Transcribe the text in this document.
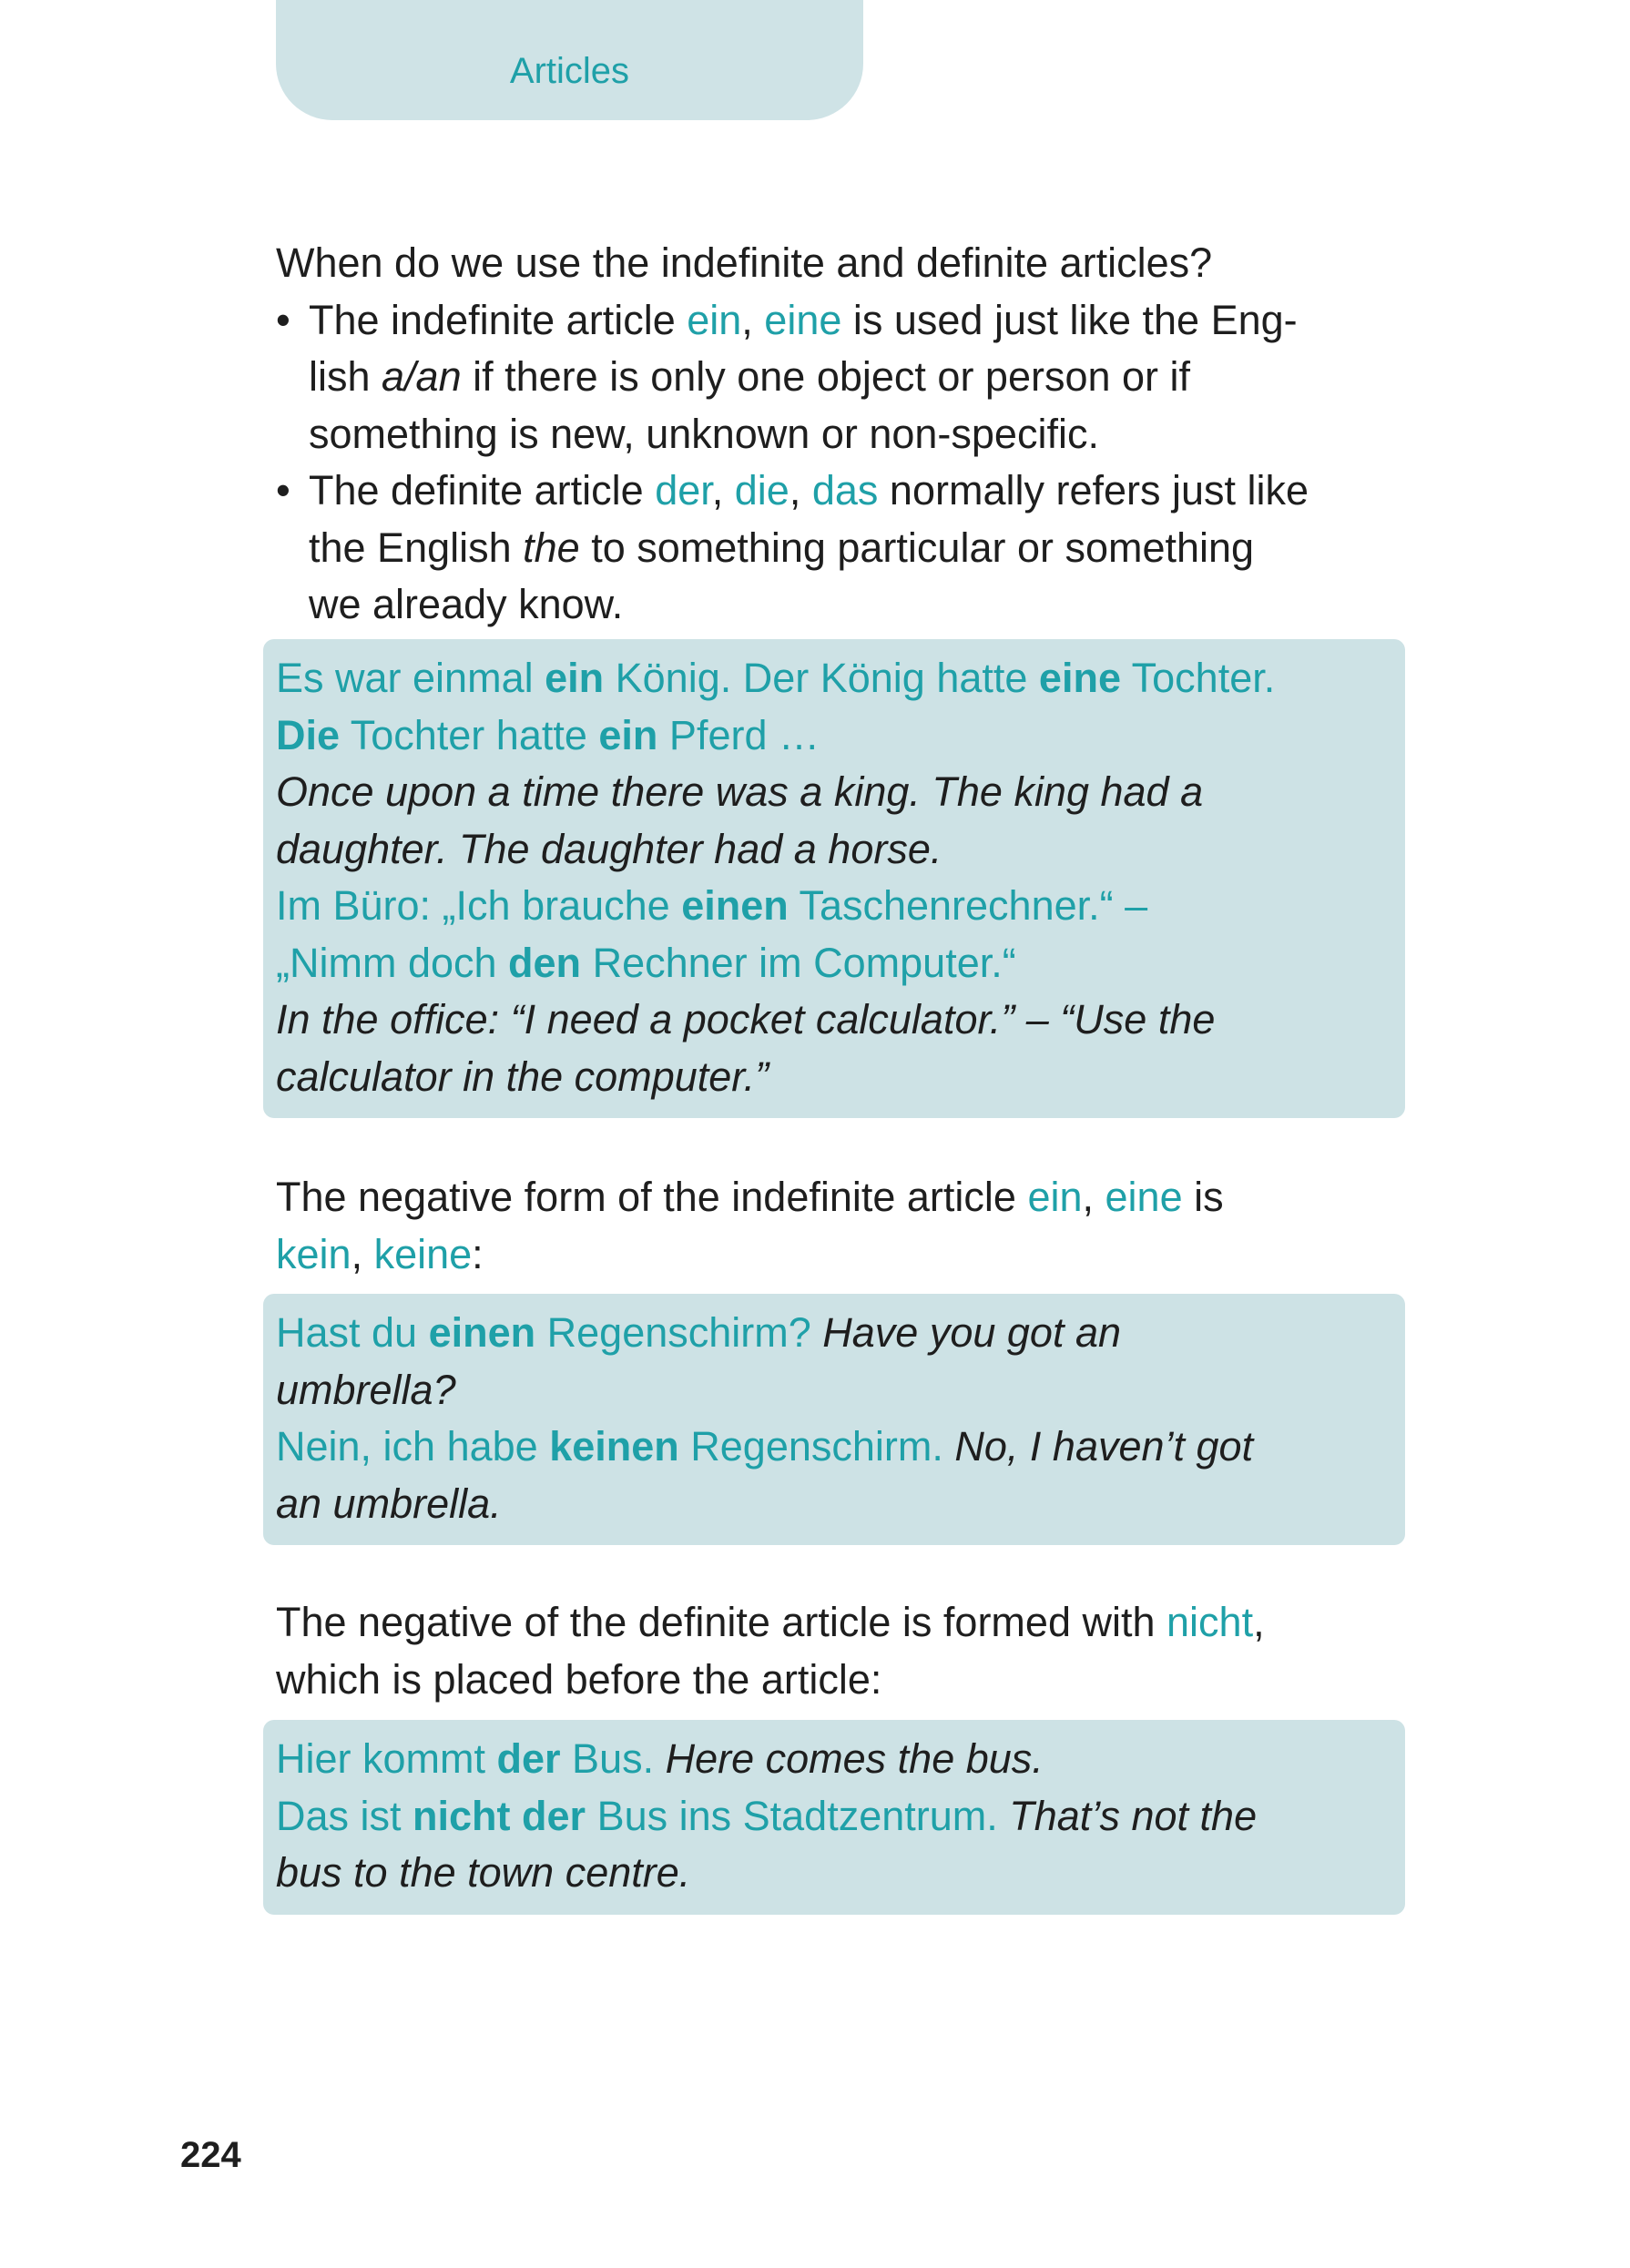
Articles
When do we use the indefinite and definite articles?
• The indefinite article ein, eine is used just like the Eng-
lish a/an if there is only one object or person or if
something is new, unknown or non-specific.
• The definite article der, die, das normally refers just like
the English the to something particular or something
we already know.
Es war einmal ein König. Der König hatte eine Tochter.
Die Tochter hatte ein Pferd …
Once upon a time there was a king. The king had a
daughter. The daughter had a horse.
Im Büro: „Ich brauche einen Taschenrechner.“ –
„Nimm doch den Rechner im Computer.“
In the office: “I need a pocket calculator.” – “Use the
calculator in the computer.”
The negative form of the indefinite article ein, eine is
kein, keine:
Hast du einen Regenschirm? Have you got an
umbrella?
Nein, ich habe keinen Regenschirm. No, I haven’t got
an umbrella.
The negative of the definite article is formed with nicht,
which is placed before the article:
Hier kommt der Bus. Here comes the bus.
Das ist nicht der Bus ins Stadtzentrum. That’s not the
bus to the town centre.
224
